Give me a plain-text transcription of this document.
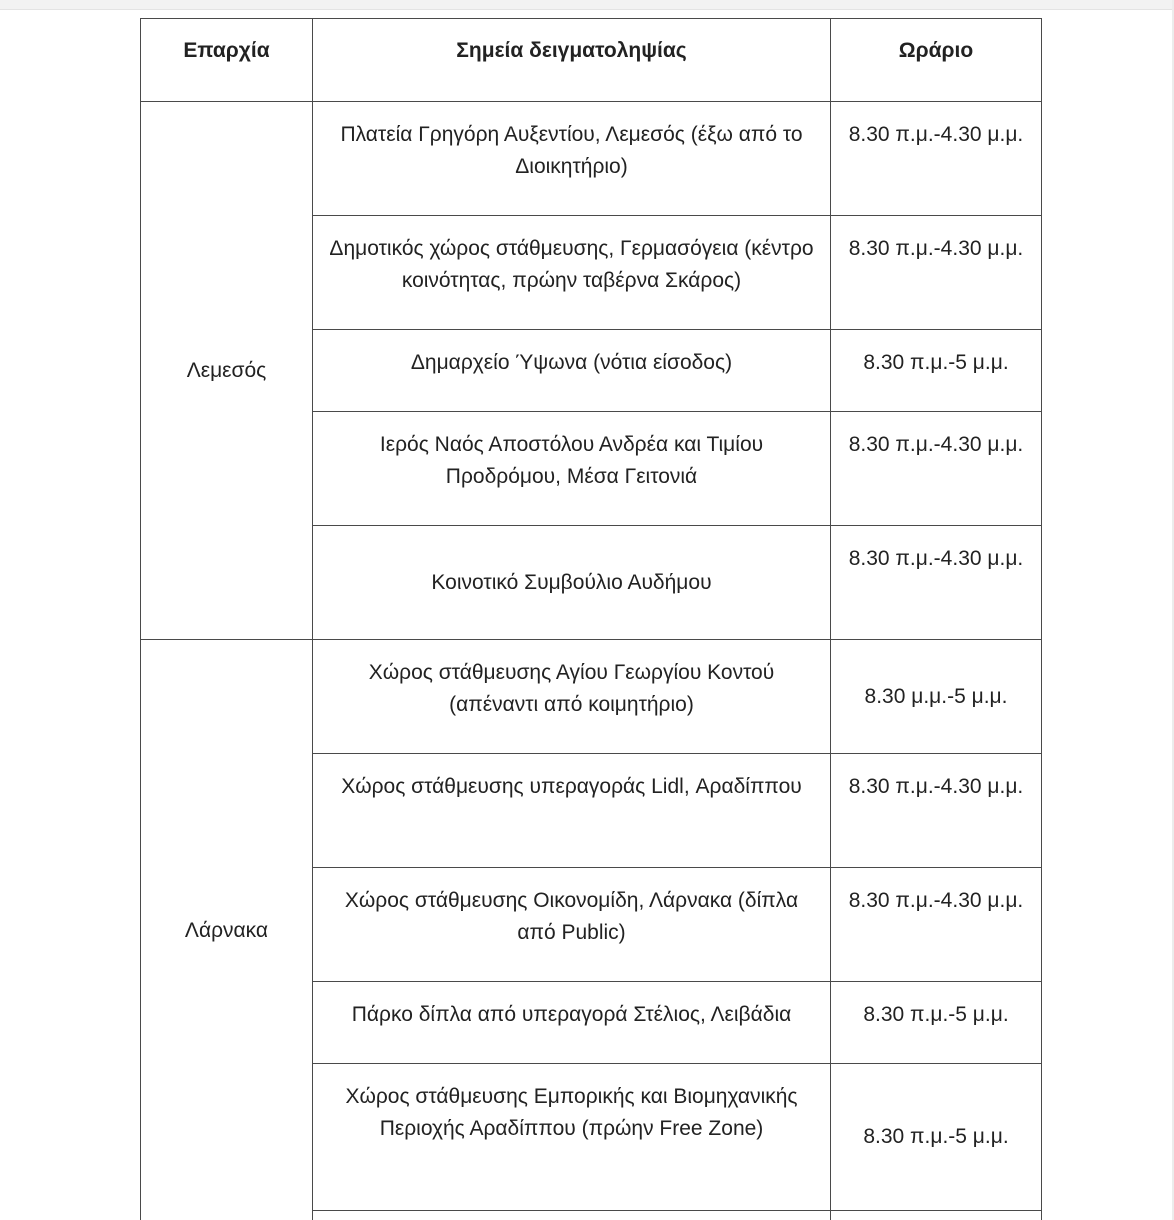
Επαρχία	Σημεία δειγματοληψίας	Ωράριο
Λεμεσός	Πλατεία Γρηγόρη Αυξεντίου, Λεμεσός (έξω από το Διοικητήριο)	8.30 π.μ.-4.30 μ.μ.
	Δημοτικός χώρος στάθμευσης, Γερμασόγεια (κέντρο κοινότητας, πρώην ταβέρνα Σκάρος)	8.30 π.μ.-4.30 μ.μ.
	Δημαρχείο Ύψωνα (νότια είσοδος)	8.30 π.μ.-5 μ.μ.
	Ιερός Ναός Αποστόλου Ανδρέα και Τιμίου Προδρόμου, Μέσα Γειτονιά	8.30 π.μ.-4.30 μ.μ.
	Κοινοτικό Συμβούλιο Αυδήμου	8.30 π.μ.-4.30 μ.μ.
Λάρνακα	Χώρος στάθμευσης Αγίου Γεωργίου Κοντού (απέναντι από κοιμητήριο)	8.30 μ.μ.-5 μ.μ.
	Χώρος στάθμευσης υπεραγοράς Lidl, Αραδίππου	8.30 π.μ.-4.30 μ.μ.
	Χώρος στάθμευσης Οικονομίδη, Λάρνακα (δίπλα από Public)	8.30 π.μ.-4.30 μ.μ.
	Πάρκο δίπλα από υπεραγορά Στέλιος, Λειβάδια	8.30 π.μ.-5 μ.μ.
	Χώρος στάθμευσης Εμπορικής και Βιομηχανικής Περιοχής Αραδίππου (πρώην Free Zone)	8.30 π.μ.-5 μ.μ.
